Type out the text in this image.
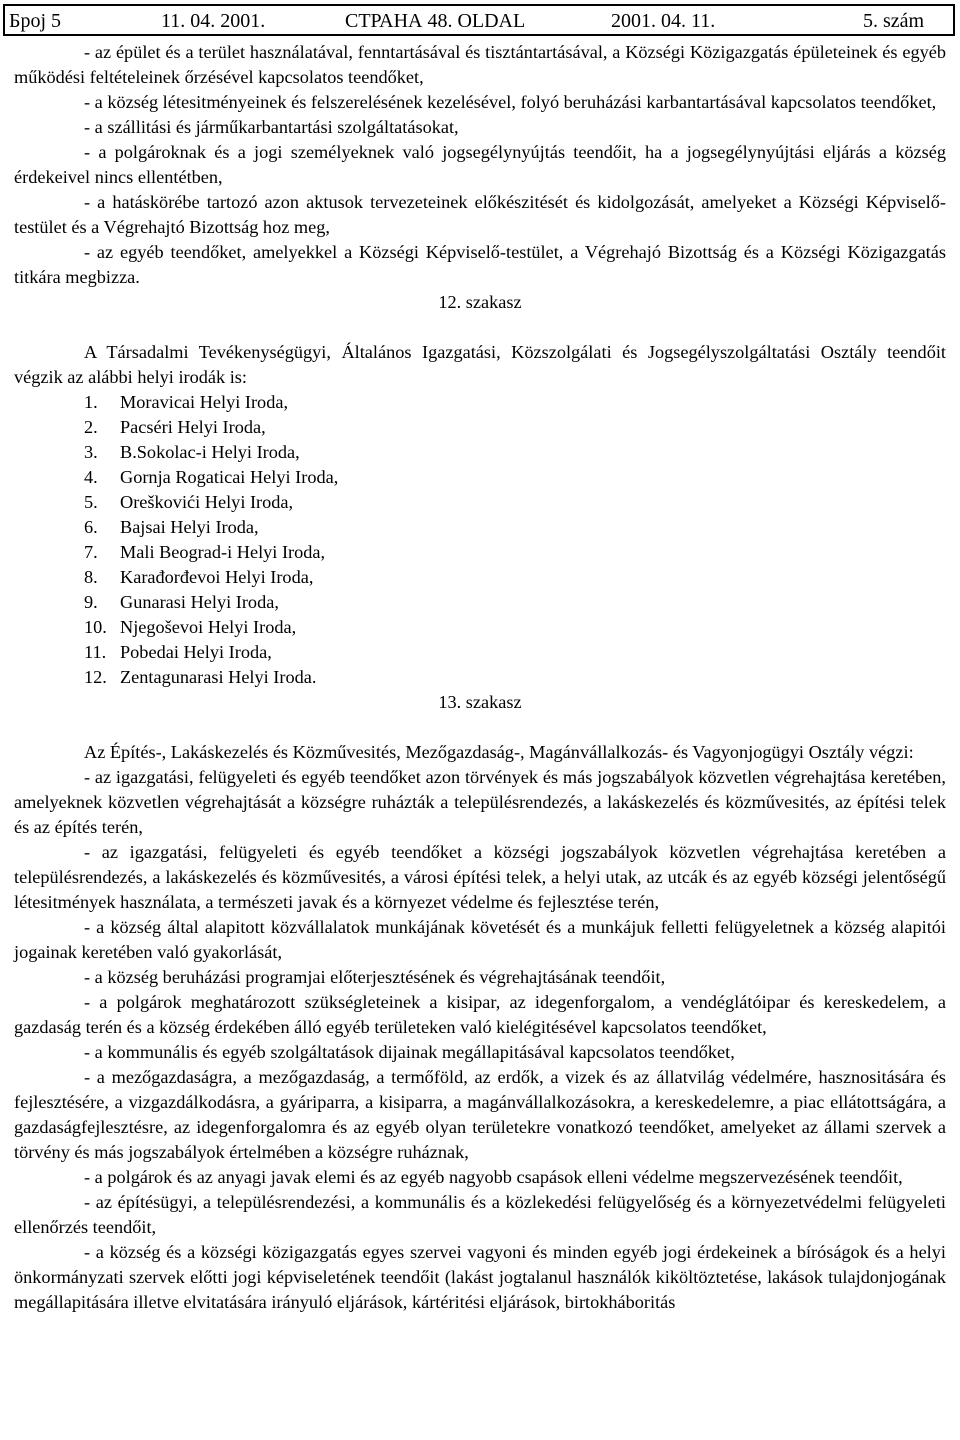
Број 5	11. 04. 2001.	СТРАНА 48. OLDAL	2001. 04. 11.	5. szám

- az épület és a terület használatával, fenntartásával és tisztántartásával, a Községi Közigazgatás épületeinek és egyéb működési feltételeinek őrzésével kapcsolatos teendőket,

- a község létesitményeinek és felszerelésének kezelésével, folyó beruházási karbantartásával kapcsolatos teendőket,

- a szállitási és járműkarbantartási szolgáltatásokat,

- a polgároknak és a jogi személyeknek való jogsegélynyújtás teendőit, ha a jogsegélynyújtási eljárás a község érdekeivel nincs ellentétben,

- a hatáskörébe tartozó azon aktusok tervezeteinek előkészitését és kidolgozását, amelyeket a Községi Képviselő-testület és a Végrehajtó Bizottság hoz meg,

- az egyéb teendőket, amelyekkel a Községi Képviselő-testület, a Végrehajó Bizottság és a Községi Közigazgatás titkára megbizza.

12. szakasz

A Társadalmi Tevékenységügyi, Általános Igazgatási, Közszolgálati és Jogsegélyszolgáltatási Osztály teendőit végzik az alábbi helyi irodák is:

1.	Moravicai Helyi Iroda,
2.	Pacséri Helyi Iroda,
3.	B.Sokolac-i Helyi Iroda,
4.	Gornja Rogaticai Helyi Iroda,
5.	Oreškovići Helyi Iroda,
6.	Bajsai Helyi Iroda,
7.	Mali Beograd-i Helyi Iroda,
8.	Karađorđevoi Helyi Iroda,
9.	Gunarasi Helyi Iroda,
10. Njegoševoi Helyi Iroda,
11. Pobedai Helyi Iroda,
12. Zentagunarasi Helyi Iroda.

13. szakasz

Az Építés-, Lakáskezelés és Közművesités, Mezőgazdaság-, Magánvállalkozás- és Vagyonjogügyi Osztály végzi:

- az igazgatási, felügyeleti és egyéb teendőket azon törvények és más jogszabályok közvetlen végrehajtása keretében, amelyeknek közvetlen végrehajtását a községre ruházták a településrendezés, a lakáskezelés és közművesités, az építési telek és az építés terén,

- az igazgatási, felügyeleti és egyéb teendőket a községi jogszabályok közvetlen végrehajtása keretében a településrendezés, a lakáskezelés és közművesités, a városi építési telek, a helyi utak, az utcák és az egyéb községi jelentőségű létesitmények használata, a természeti javak és a környezet védelme és fejlesztése terén,

- a község által alapitott közvállalatok munkájának követését és a munkájuk felletti felügyeletnek a község alapitói jogainak keretében való gyakorlását,

- a község beruházási programjai előterjesztésének és végrehajtásának teendőit,

- a polgárok meghatározott szükségleteinek a kisipar, az idegenforgalom, a vendéglátóipar és kereskedelem, a gazdaság terén és a község érdekében álló egyéb területeken való kielégitésével kapcsolatos teendőket,

- a kommunális és egyéb szolgáltatások dijainak megállapitásával kapcsolatos teendőket,

- a mezőgazdaságra, a mezőgazdaság, a termőföld, az erdők, a vizek és az állatvilág védelmére, hasznositására és fejlesztésére, a vizgazdálkodásra, a gyáriparra, a kisiparra, a magánvállalkozásokra, a kereskedelemre, a piac ellátottságára, a gazdaságfejlesztésre, az idegenforgalomra és az egyéb olyan területekre vonatkozó teendőket, amelyeket az állami szervek a törvény és más jogszabályok értelmében a községre ruháznak,

- a polgárok és az anyagi javak elemi és az egyéb nagyobb csapások elleni védelme megszervezésének teendőit,

- az építésügyi, a településrendezési, a kommunális és a közlekedési felügyelőség és a környezetvédelmi felügyeleti ellenőrzés teendőit,

- a község és a községi közigazgatás egyes szervei vagyoni és minden egyéb jogi érdekeinek a bíróságok és a helyi önkormányzati szervek előtti jogi képviseletének teendőit (lakást jogtalanul használók kiköltöztetése, lakások tulajdonjogának megállapitására illetve elvitatására irányuló eljárások, kártéritési eljárások, birtokháboritás
